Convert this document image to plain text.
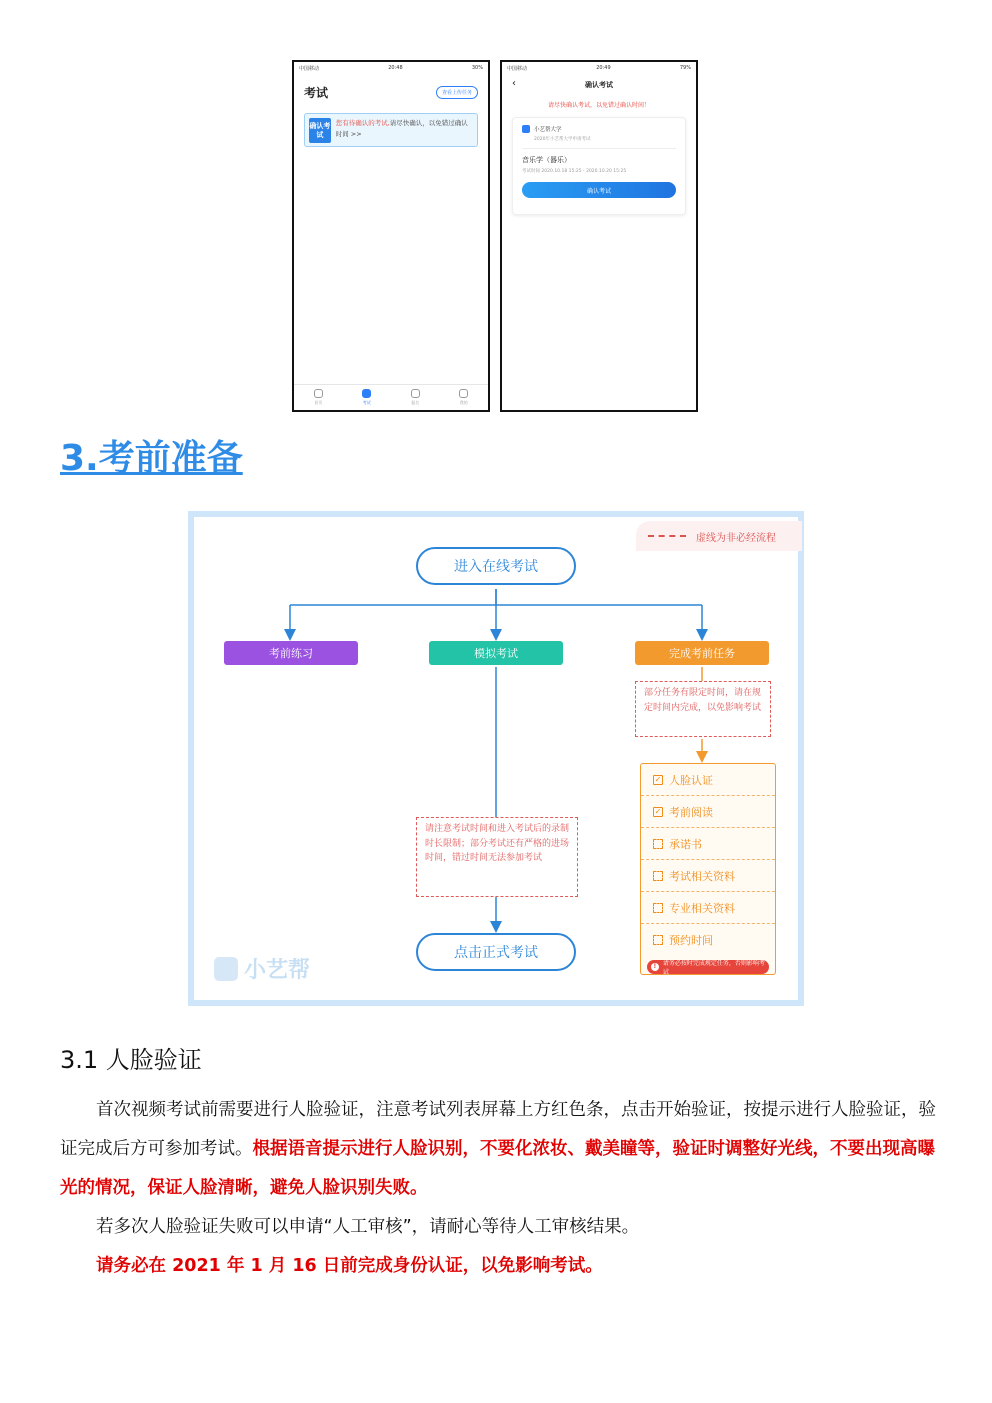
中国移动	20:48	30%
考试	查看上传任务
确认考试
您有待确认的考试,请尽快确认，以免错过确认时间 >>
首页	考试	报名	我的
中国移动	20:49	79%
‹	确认考试
请尽快确认考试，以免错过确认时间！
小艺帮大学
2020年小艺帮大学申请考试
音乐学（器乐）
考试时间 2020.10.18 15:25 - 2020.10.20 15:25
确认考试
3.考前准备
虚线为非必经流程
进入在线考试
考前练习	模拟考试	完成考前任务
部分任务有限定时间，请在规定时间内完成，以免影响考试
请注意考试时间和进入考试后的录制时长限制；部分考试还有严格的进场时间，错过时间无法参加考试
点击正式考试
✓ 人脸认证
✓ 考前阅读
承诺书
考试相关资料
专业相关资料
预约时间
!	请务必按时完成规定任务，否则影响考试
小艺帮
3.1 人脸验证
首次视频考试前需要进行人脸验证，注意考试列表屏幕上方红色条，点击开始验证，按提示进行人脸验证，验证完成后方可参加考试。根据语音提示进行人脸识别，不要化浓妆、戴美瞳等，验证时调整好光线，不要出现高曝光的情况，保证人脸清晰，避免人脸识别失败。
若多次人脸验证失败可以申请“人工审核”，请耐心等待人工审核结果。
请务必在 2021 年 1 月 16 日前完成身份认证，以免影响考试。
